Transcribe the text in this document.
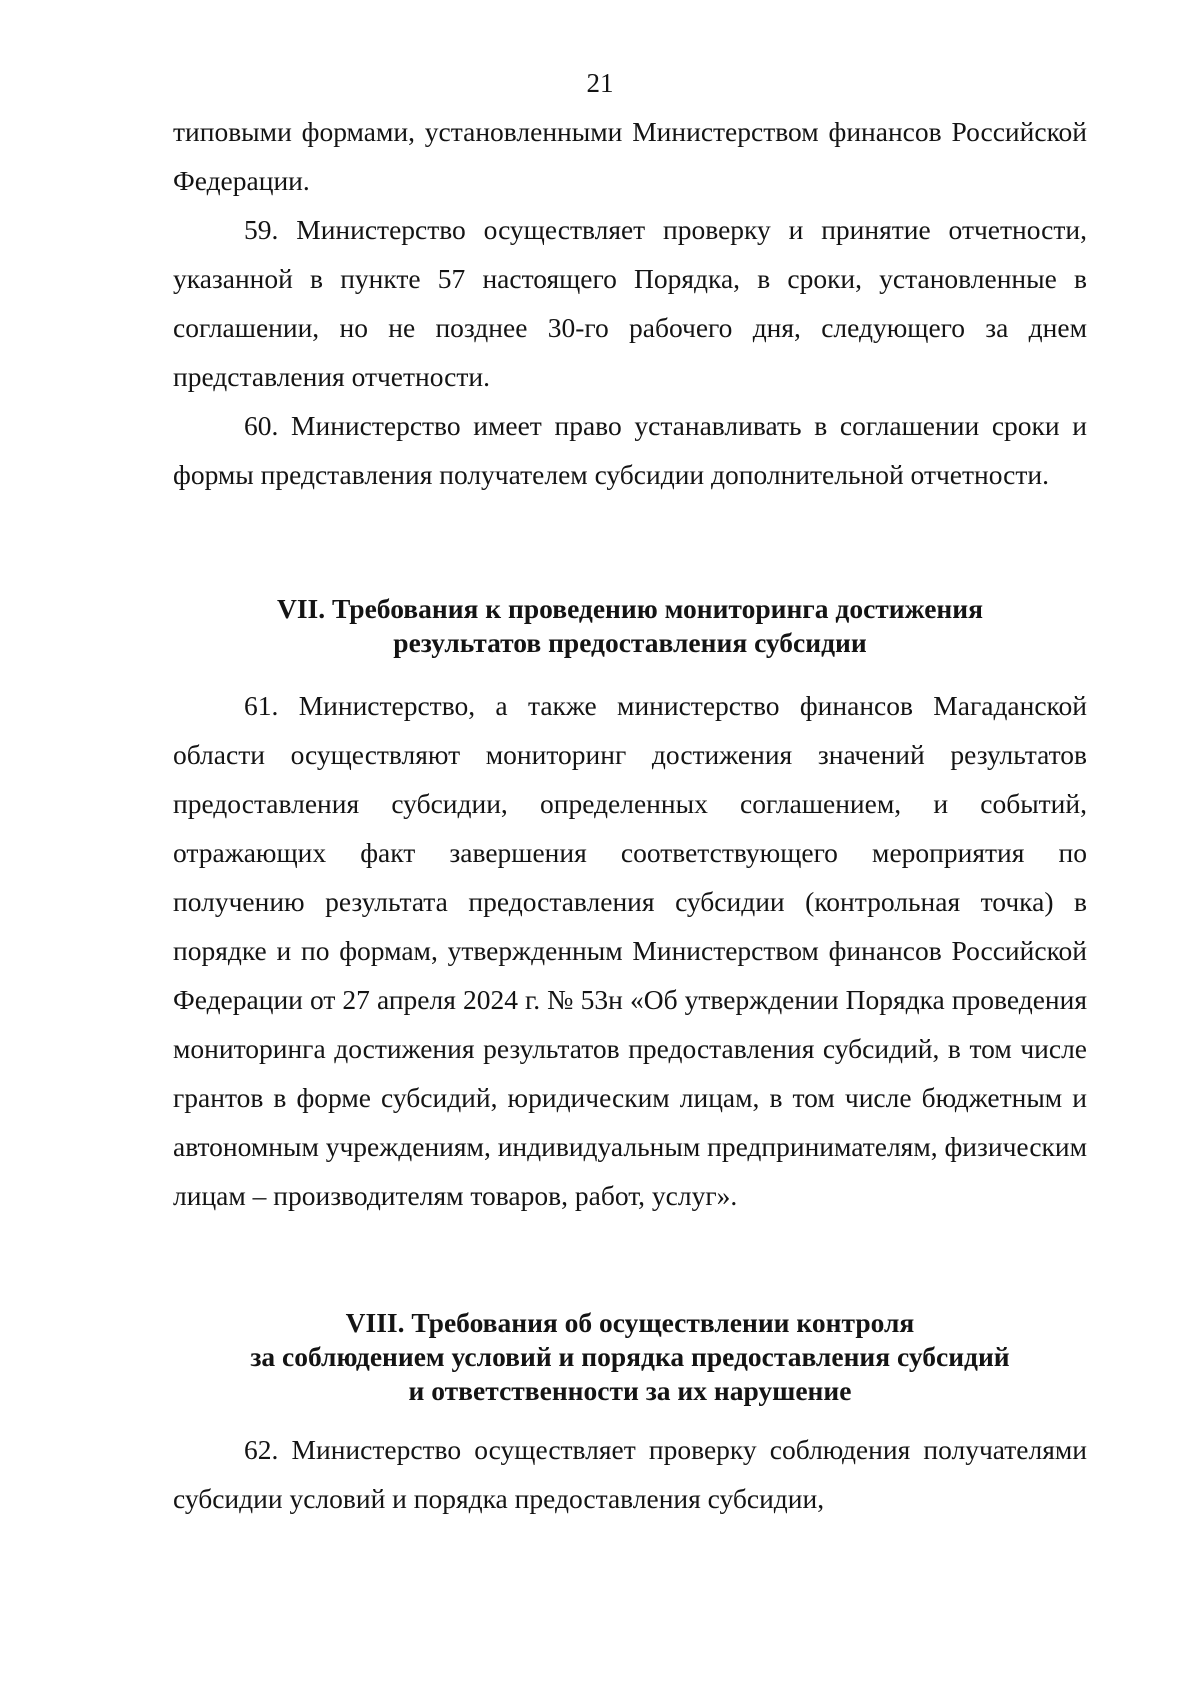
21

типовыми формами, установленными Министерством финансов Российской Федерации.

59. Министерство осуществляет проверку и принятие отчетности, указанной в пункте 57 настоящего Порядка, в сроки, установленные в соглашении, но не позднее 30-го рабочего дня, следующего за днем представления отчетности.

60. Министерство имеет право устанавливать в соглашении сроки и формы представления получателем субсидии дополнительной отчетности.

VII. Требования к проведению мониторинга достижения
результатов предоставления субсидии

61. Министерство, а также министерство финансов Магаданской области осуществляют мониторинг достижения значений результатов предоставления субсидии, определенных соглашением, и событий, отражающих факт завершения соответствующего мероприятия по получению результата предоставления субсидии (контрольная точка) в порядке и по формам, утвержденным Министерством финансов Российской Федерации от 27 апреля 2024 г. № 53н «Об утверждении Порядка проведения мониторинга достижения результатов предоставления субсидий, в том числе грантов в форме субсидий, юридическим лицам, в том числе бюджетным и автономным учреждениям, индивидуальным предпринимателям, физическим лицам – производителям товаров, работ, услуг».

VIII. Требования об осуществлении контроля
за соблюдением условий и порядка предоставления субсидий
и ответственности за их нарушение

62. Министерство осуществляет проверку соблюдения получателями субсидии условий и порядка предоставления субсидии,
